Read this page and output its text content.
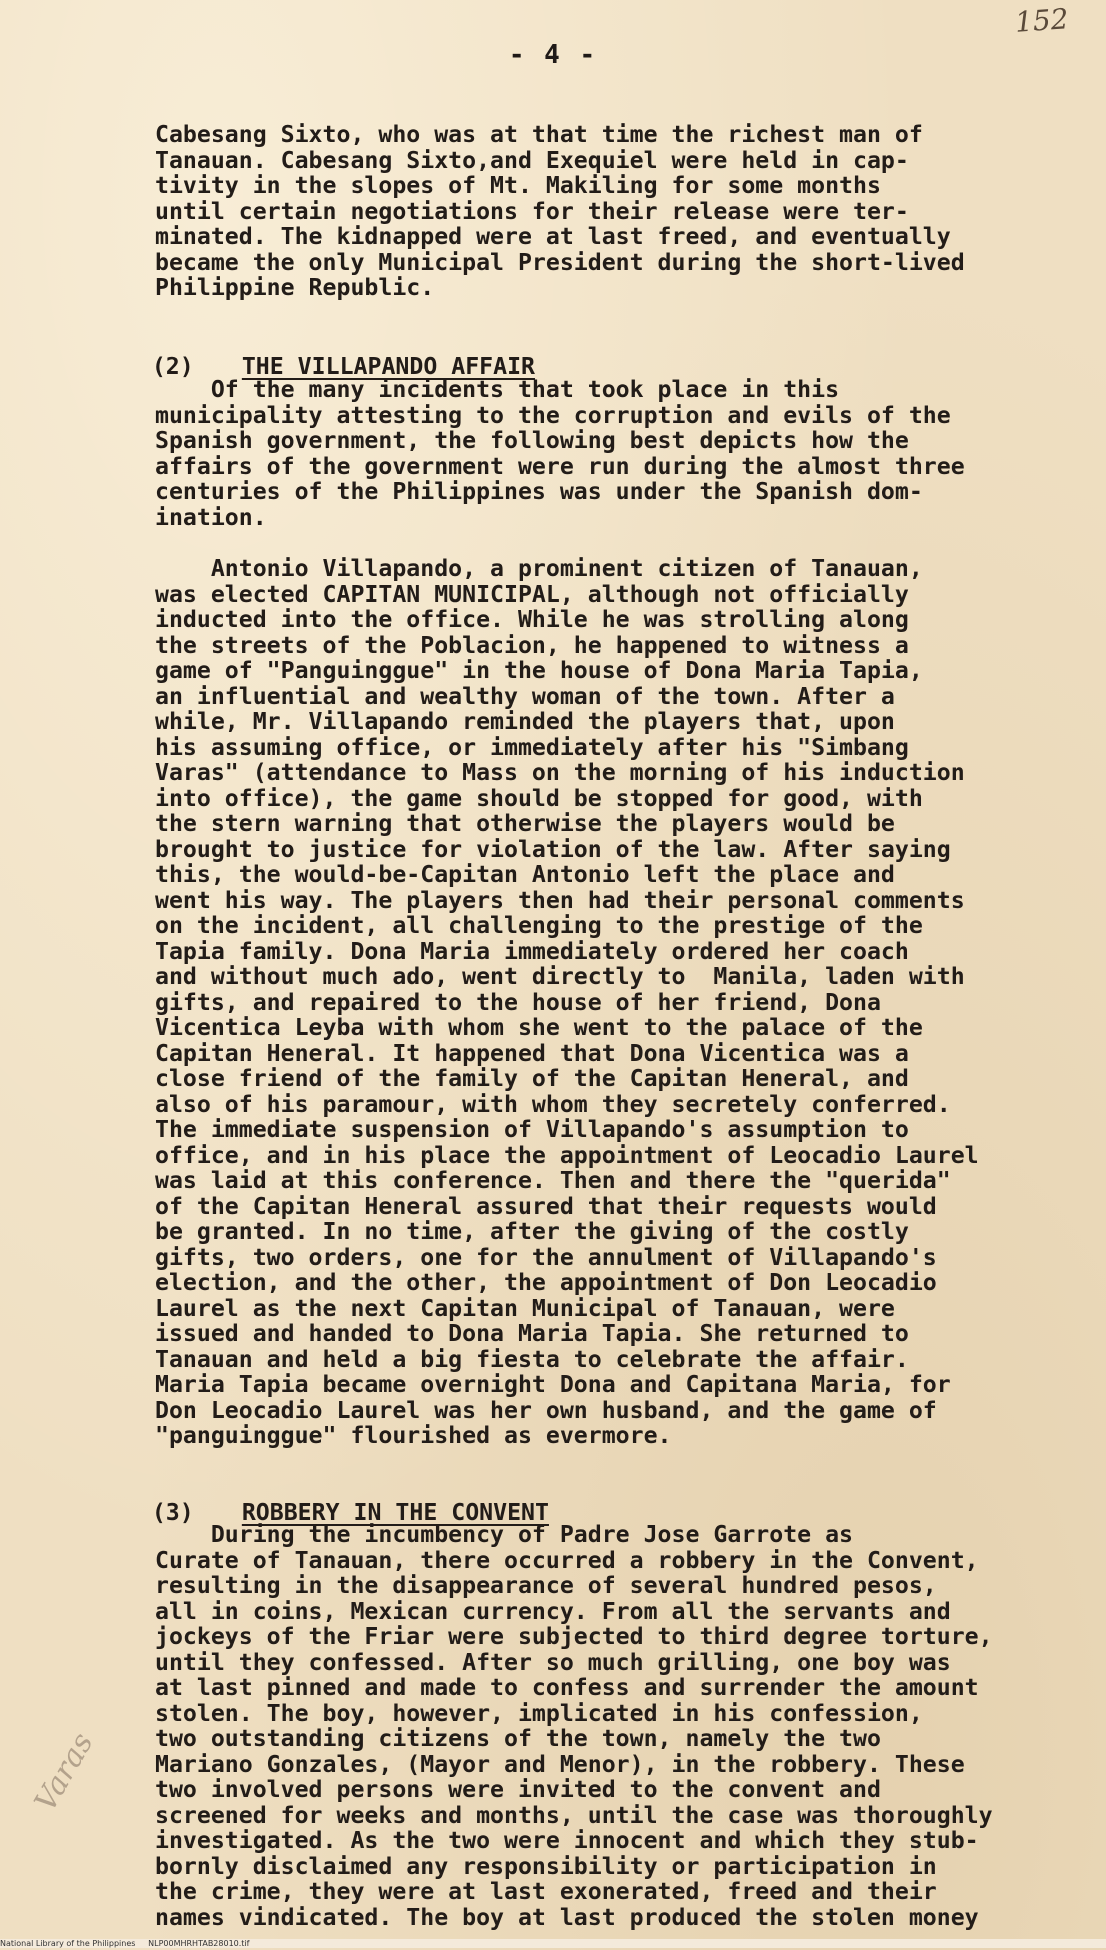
152
- 4 -
Cabesang Sixto, who was at that time the richest man of
Tanauan. Cabesang Sixto,and Exequiel were held in cap-
tivity in the slopes of Mt. Makiling for some months
until certain negotiations for their release were ter-
minated. The kidnapped were at last freed, and eventually
became the only Municipal President during the short-lived
Philippine Republic.

(2) THE VILLAPANDO AFFAIR

Of the many incidents that took place in this
municipality attesting to the corruption and evils of the
Spanish government, the following best depicts how the
affairs of the government were run during the almost three
centuries of the Philippines was under the Spanish dom-
ination.
Antonio Villapando, a prominent citizen of Tanauan,
was elected CAPITAN MUNICIPAL, although not officially
inducted into the office. While he was strolling along
the streets of the Poblacion, he happened to witness a
game of "Panguinggue" in the house of Dona Maria Tapia,
an influential and wealthy woman of the town. After a
while, Mr. Villapando reminded the players that, upon
his assuming office, or immediately after his "Simbang
Varas" (attendance to Mass on the morning of his induction
into office), the game should be stopped for good, with
the stern warning that otherwise the players would be
brought to justice for violation of the law. After saying
this, the would-be-Capitan Antonio left the place and
went his way. The players then had their personal comments
on the incident, all challenging to the prestige of the
Tapia family. Dona Maria immediately ordered her coach
and without much ado, went directly to  Manila, laden with
gifts, and repaired to the house of her friend, Dona
Vicentica Leyba with whom she went to the palace of the
Capitan Heneral. It happened that Dona Vicentica was a
close friend of the family of the Capitan Heneral, and
also of his paramour, with whom they secretely conferred.
The immediate suspension of Villapando's assumption to
office, and in his place the appointment of Leocadio Laurel
was laid at this conference. Then and there the "querida"
of the Capitan Heneral assured that their requests would
be granted. In no time, after the giving of the costly
gifts, two orders, one for the annulment of Villapando's
election, and the other, the appointment of Don Leocadio
Laurel as the next Capitan Municipal of Tanauan, were
issued and handed to Dona Maria Tapia. She returned to
Tanauan and held a big fiesta to celebrate the affair.
Maria Tapia became overnight Dona and Capitana Maria, for
Don Leocadio Laurel was her own husband, and the game of
"panguinggue" flourished as evermore.

(3) ROBBERY IN THE CONVENT

During the incumbency of Padre Jose Garrote as
Curate of Tanauan, there occurred a robbery in the Convent,
resulting in the disappearance of several hundred pesos,
all in coins, Mexican currency. From all the servants and
jockeys of the Friar were subjected to third degree torture,
until they confessed. After so much grilling, one boy was
at last pinned and made to confess and surrender the amount
stolen. The boy, however, implicated in his confession,
two outstanding citizens of the town, namely the two
Mariano Gonzales, (Mayor and Menor), in the robbery. These
two involved persons were invited to the convent and
screened for weeks and months, until the case was thoroughly
investigated. As the two were innocent and which they stub-
bornly disclaimed any responsibility or participation in
the crime, they were at last exonerated, freed and their
names vindicated. The boy at last produced the stolen money
Varas
National Library of the Philippines     NLP00MHRHTAB28010.tif
